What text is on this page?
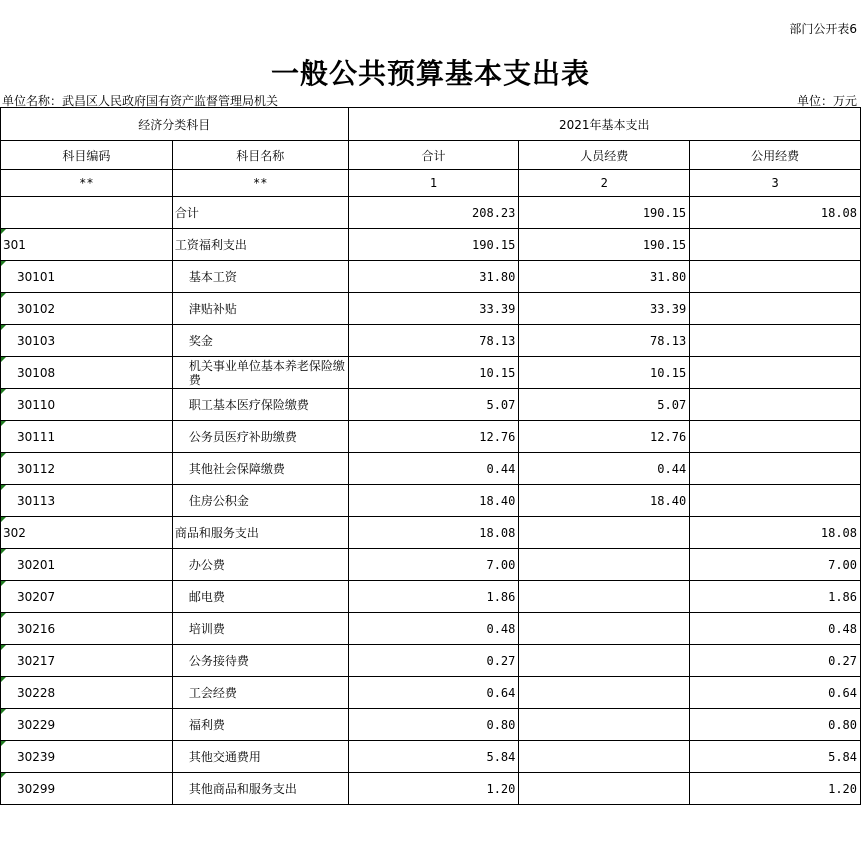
部门公开表6
一般公共预算基本支出表
单位名称：武昌区人民政府国有资产监督管理局机关	单位：万元
经济分类科目		2021年基本支出		
科目编码	科目名称	合计	人员经费	公用经费
**	**	1	2	3
	合计	208.23	190.15	18.08

301	工资福利支出	190.15	190.15	

30101	基本工资	31.80	31.80	

30102	津贴补贴	33.39	33.39	

30103	奖金	78.13	78.13	

30108	机关事业单位基本养老保险缴费	10.15	10.15	

30110	职工基本医疗保险缴费	5.07	5.07	

30111	公务员医疗补助缴费	12.76	12.76	

30112	其他社会保障缴费	0.44	0.44	

30113	住房公积金	18.40	18.40	

302	商品和服务支出	18.08		18.08

30201	办公费	7.00		7.00

30207	邮电费	1.86		1.86

30216	培训费	0.48		0.48

30217	公务接待费	0.27		0.27

30228	工会经费	0.64		0.64

30229	福利费	0.80		0.80

30239	其他交通费用	5.84		5.84

30299	其他商品和服务支出	1.20		1.20
